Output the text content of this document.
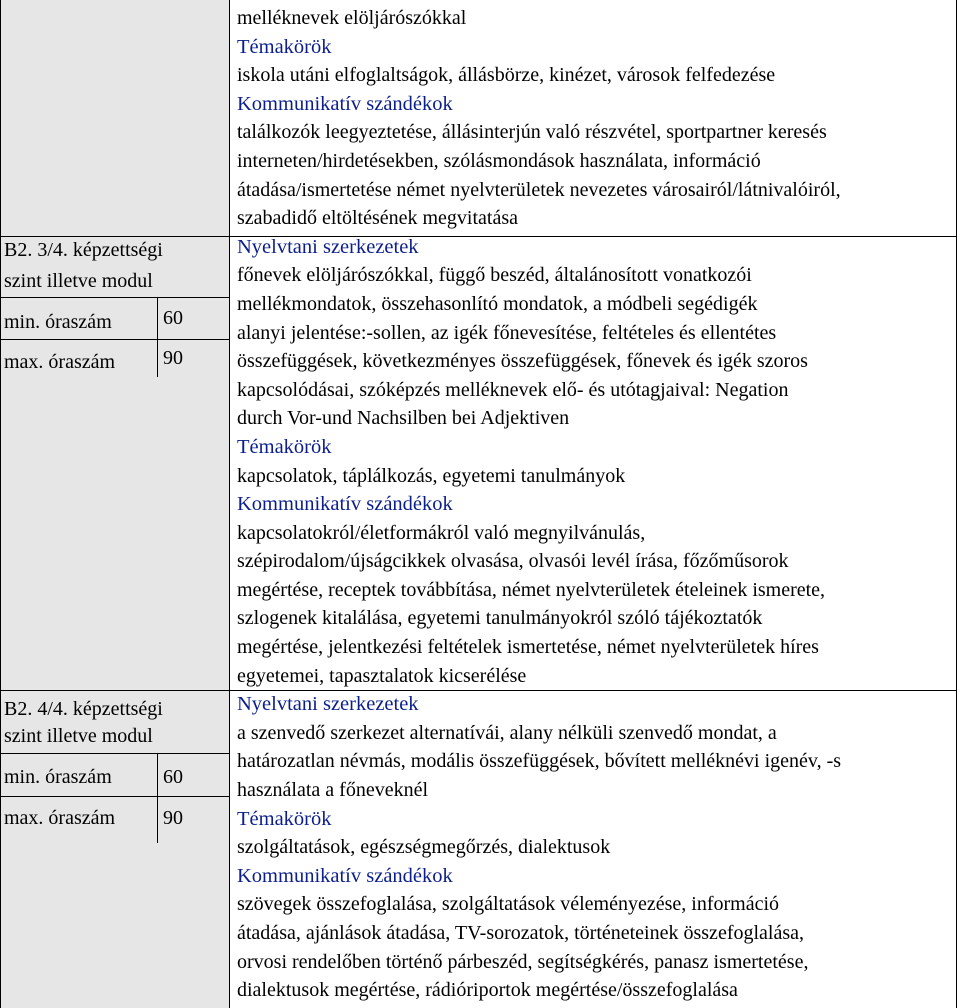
B2. 3/4. képzettségi
szint illetve modul
min. óraszám	60
max. óraszám 90
B2. 4/4. képzettségi
szint illetve modul
min. óraszám	60
max. óraszám 90
melléknevek elöljárószókkal
Témakörök
iskola utáni elfoglaltságok, állásbörze, kinézet, városok felfedezése
Kommunikatív szándékok
találkozók leegyeztetése, állásinterjún való részvétel, sportpartner keresés
interneten/hirdetésekben, szólásmondások használata, információ
átadása/ismertetése német nyelvterületek nevezetes városairól/látnivalóiról,
szabadidő eltöltésének megvitatása
Nyelvtani szerkezetek
főnevek elöljárószókkal, függő beszéd, általánosított vonatkozói
mellékmondatok, összehasonlító mondatok, a módbeli segédigék
alanyi jelentése:-sollen, az igék főnevesítése, feltételes és ellentétes
összefüggések, következményes összefüggések, főnevek és igék szoros
kapcsolódásai, szóképzés melléknevek elő- és utótagjaival: Negation
durch Vor-und Nachsilben bei Adjektiven
Témakörök
kapcsolatok, táplálkozás, egyetemi tanulmányok
Kommunikatív szándékok
kapcsolatokról/életformákról való megnyilvánulás,
szépirodalom/újságcikkek olvasása, olvasói levél írása, főzőműsorok
megértése, receptek továbbítása, német nyelvterületek ételeinek ismerete,
szlogenek kitalálása, egyetemi tanulmányokról szóló tájékoztatók
megértése, jelentkezési feltételek ismertetése, német nyelvterületek híres
egyetemei, tapasztalatok kicserélése
Nyelvtani szerkezetek
a szenvedő szerkezet alternatívái, alany nélküli szenvedő mondat, a
határozatlan névmás, modális összefüggések, bővített melléknévi igenév, -s
használata a főneveknél
Témakörök
szolgáltatások, egészségmegőrzés, dialektusok
Kommunikatív szándékok
szövegek összefoglalása, szolgáltatások véleményezése, információ
átadása, ajánlások átadása, TV-sorozatok, történeteinek összefoglalása,
orvosi rendelőben történő párbeszéd, segítségkérés, panasz ismertetése,
dialektusok megértése, rádióriportok megértése/összefoglalása
